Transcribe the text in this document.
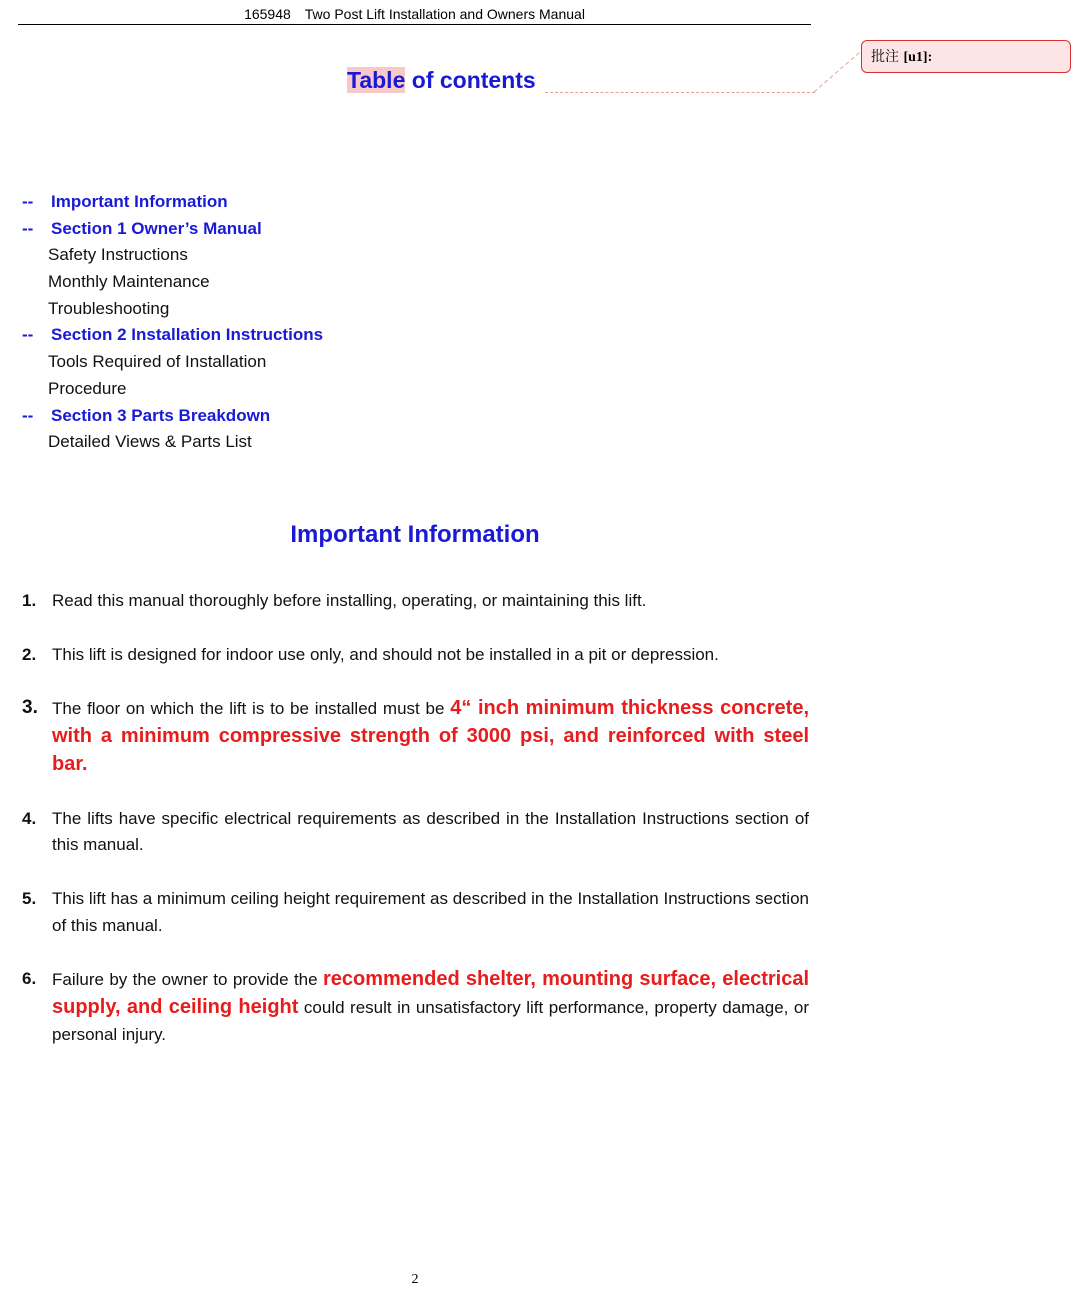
165948 Two Post Lift Installation and Owners Manual
Table of contents
批注 [u1]:
-- Important Information
-- Section 1 Owner’s Manual
Safety Instructions
Monthly Maintenance
Troubleshooting
-- Section 2 Installation Instructions
Tools Required of Installation
Procedure
-- Section 3 Parts Breakdown
Detailed Views & Parts List
Important Information
1. Read this manual thoroughly before installing, operating, or maintaining this lift.
2. This lift is designed for indoor use only, and should not be installed in a pit or depression.
3. The floor on which the lift is to be installed must be 4“ inch minimum thickness concrete, with a minimum compressive strength of 3000 psi, and reinforced with steel bar.
4. The lifts have specific electrical requirements as described in the Installation Instructions section of this manual.
5. This lift has a minimum ceiling height requirement as described in the Installation Instructions section of this manual.
6. Failure by the owner to provide the recommended shelter, mounting surface, electrical supply, and ceiling height could result in unsatisfactory lift performance, property damage, or personal injury.
2
